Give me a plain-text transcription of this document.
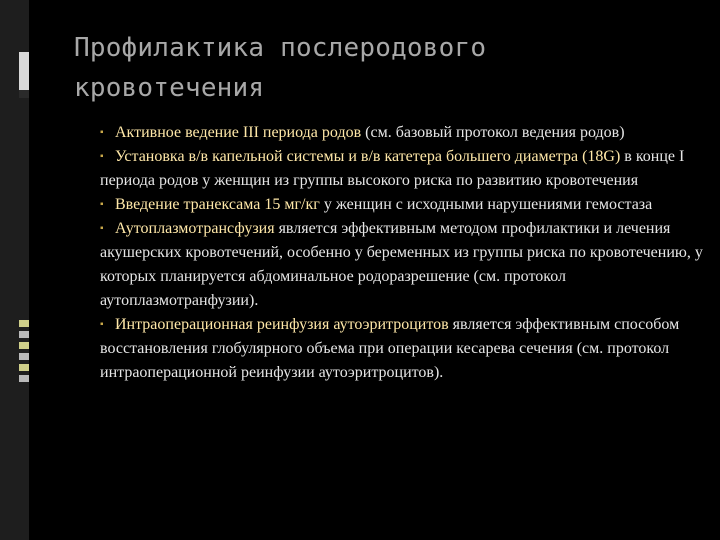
Профилактика послеродового
кровотечения

▪ Активное ведение III периода родов (см. базовый протокол ведения родов)

▪ Установка в/в капельной системы и в/в катетера большего диаметра (18G) в конце I периода родов у женщин из группы высокого риска по развитию кровотечения

▪ Введение транексама 15 мг/кг у женщин с исходными нарушениями гемостаза

▪ Аутоплазмотрансфузия является эффективным методом профилактики и лечения акушерских кровотечений, особенно у беременных из группы риска по кровотечению, у которых планируется абдоминальное родоразрешение (см. протокол аутоплазмотранфузии).

▪ Интраоперационная реинфузия аутоэритроцитов является эффективным способом восстановления глобулярного объема при операции кесарева сечения (см. протокол интраоперационной реинфузии аутоэритроцитов).
